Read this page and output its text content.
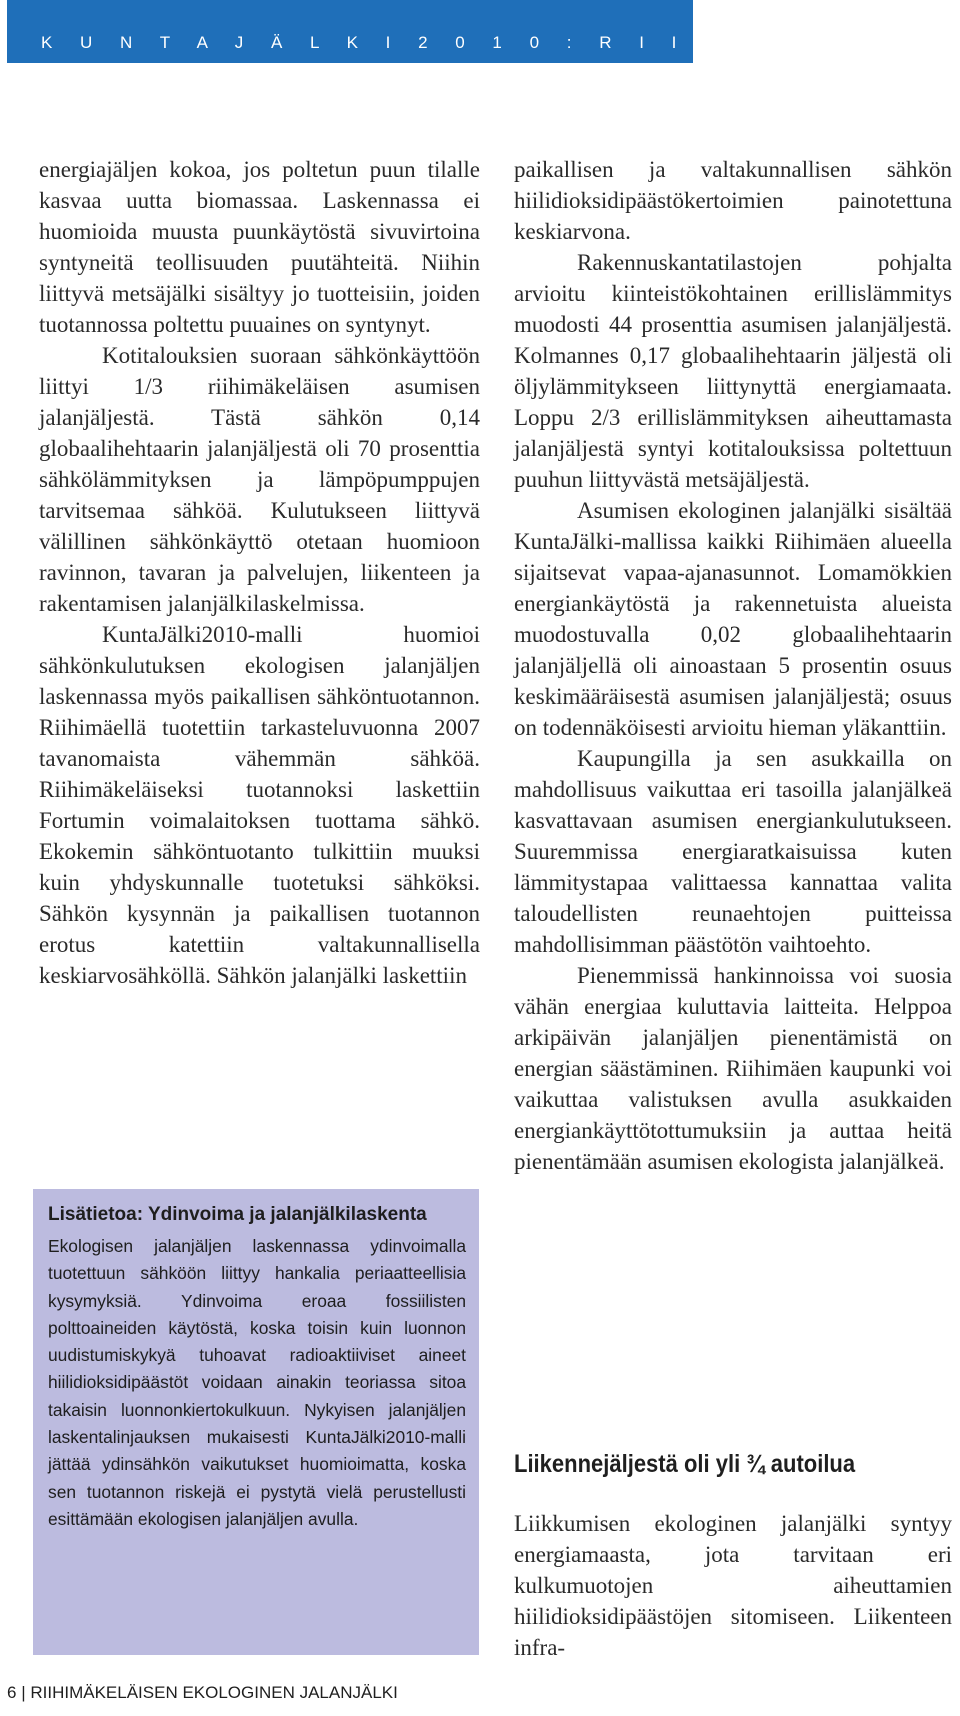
K U N T A J Ä L K I 2 0 1 0 : R I I H I M Ä K I

energiajäljen kokoa, jos poltetun puun tilalle kasvaa uutta biomassaa. Laskennassa ei huomioida muusta puunkäytöstä sivuvirtoina syntyneitä teollisuuden puutähteitä. Niihin liittyvä metsäjälki sisältyy jo tuotteisiin, joiden tuotannossa poltettu puuaines on syntynyt.

Kotitalouksien suoraan sähkönkäyttöön liittyi 1/3 riihimäkeläisen asumisen jalanjäljestä. Tästä sähkön 0,14 globaalihehtaarin jalanjäljestä oli 70 prosenttia sähkölämmityksen ja lämpöpumppujen tarvitsemaa sähköä. Kulutukseen liittyvä välillinen sähkönkäyttö otetaan huomioon ravinnon, tavaran ja palvelujen, liikenteen ja rakentamisen jalanjälkilaskelmissa.

KuntaJälki2010-malli huomioi sähkönkulutuksen ekologisen jalanjäljen laskennassa myös paikallisen sähköntuotannon. Riihimäellä tuotettiin tarkasteluvuonna 2007 tavanomaista vähemmän sähköä. Riihimäkeläiseksi tuotannoksi laskettiin Fortumin voimalaitoksen tuottama sähkö. Ekokemin sähköntuotanto tulkittiin muuksi kuin yhdyskunnalle tuotetuksi sähköksi. Sähkön kysynnän ja paikallisen tuotannon erotus katettiin valtakunnallisella keskiarvosähköllä. Sähkön jalanjälki laskettiin

Lisätietoa: Ydinvoima ja jalanjälkilaskenta

Ekologisen jalanjäljen laskennassa ydinvoimalla tuotettuun sähköön liittyy hankalia periaatteellisia kysymyksiä. Ydinvoima eroaa fossiilisten polttoaineiden käytöstä, koska toisin kuin luonnon uudistumiskykyä tuhoavat radioaktiiviset aineet hiilidioksidipäästöt voidaan ainakin teoriassa sitoa takaisin luonnonkiertokulkuun. Nykyisen jalanjäljen laskentalinjauksen mukaisesti KuntaJälki2010-malli jättää ydinsähkön vaikutukset huomioimatta, koska sen tuotannon riskejä ei pystytä vielä perustellusti esittämään ekologisen jalanjäljen avulla.

paikallisen ja valtakunnallisen sähkön hiilidioksidipäästökertoimien painotettuna keskiarvona.

Rakennuskantatilastojen pohjalta arvioitu kiinteistökohtainen erillislämmitys muodosti 44 prosenttia asumisen jalanjäljestä. Kolmannes 0,17 globaalihehtaarin jäljestä oli öljylämmitykseen liittynyttä energiamaata. Loppu 2/3 erillislämmityksen aiheuttamasta jalanjäljestä syntyi kotitalouksissa poltettuun puuhun liittyvästä metsäjäljestä.

Asumisen ekologinen jalanjälki sisältää KuntaJälki-mallissa kaikki Riihimäen alueella sijaitsevat vapaa-ajanasunnot. Lomamökkien energiankäytöstä ja rakennetuista alueista muodostuvalla 0,02 globaalihehtaarin jalanjäljellä oli ainoastaan 5 prosentin osuus keskimääräisestä asumisen jalanjäljestä; osuus on todennäköisesti arvioitu hieman yläkanttiin.

Kaupungilla ja sen asukkailla on mahdollisuus vaikuttaa eri tasoilla jalanjälkeä kasvattavaan asumisen energiankulutukseen. Suuremmissa energiaratkaisuissa kuten lämmitystapaa valittaessa kannattaa valita taloudellisten reunaehtojen puitteissa mahdollisimman päästötön vaihtoehto.

Pienemmissä hankinnoissa voi suosia vähän energiaa kuluttavia laitteita. Helppoa arkipäivän jalanjäljen pienentämistä on energian säästäminen. Riihimäen kaupunki voi vaikuttaa valistuksen avulla asukkaiden energiankäyttötottumuksiin ja auttaa heitä pienentämään asumisen ekologista jalanjälkeä.

Liikennejäljestä oli yli ¾ autoilua

Liikkumisen ekologinen jalanjälki syntyy energiamaasta, jota tarvitaan eri kulkumuotojen aiheuttamien hiilidioksidipäästöjen sitomiseen. Liikenteen infra-

6 | RIIHIMÄKELÄISEN EKOLOGINEN JALANJÄLKI
